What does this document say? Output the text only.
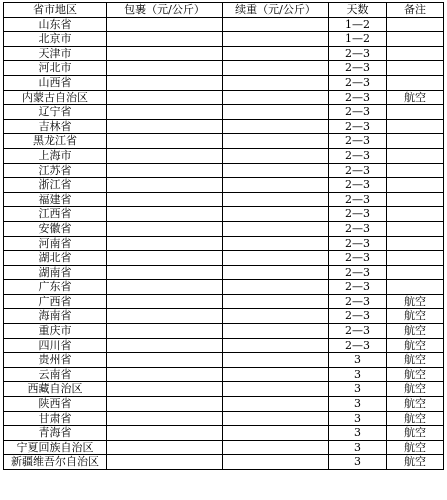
省市地区	包裹（元/公斤）	续重（元/公斤）	天数	备注
山东省			1—2	
北京市			1—2	
天津市			2—3	
河北市			2—3	
山西省			2—3	
内蒙古自治区			2—3	航空
辽宁省			2—3	
吉林省			2—3	
黑龙江省			2—3	
上海市			2—3	
江苏省			2—3	
浙江省			2—3	
福建省			2—3	
江西省			2—3	
安徽省			2—3	
河南省			2—3	
湖北省			2—3	
湖南省			2—3	
广东省			2—3	
广西省			2—3	航空
海南省			2—3	航空
重庆市			2—3	航空
四川省			2—3	航空
贵州省			3	航空
云南省			3	航空
西藏自治区			3	航空
陕西省			3	航空
甘肃省			3	航空
青海省			3	航空
宁夏回族自治区			3	航空
新疆维吾尔自治区			3	航空
